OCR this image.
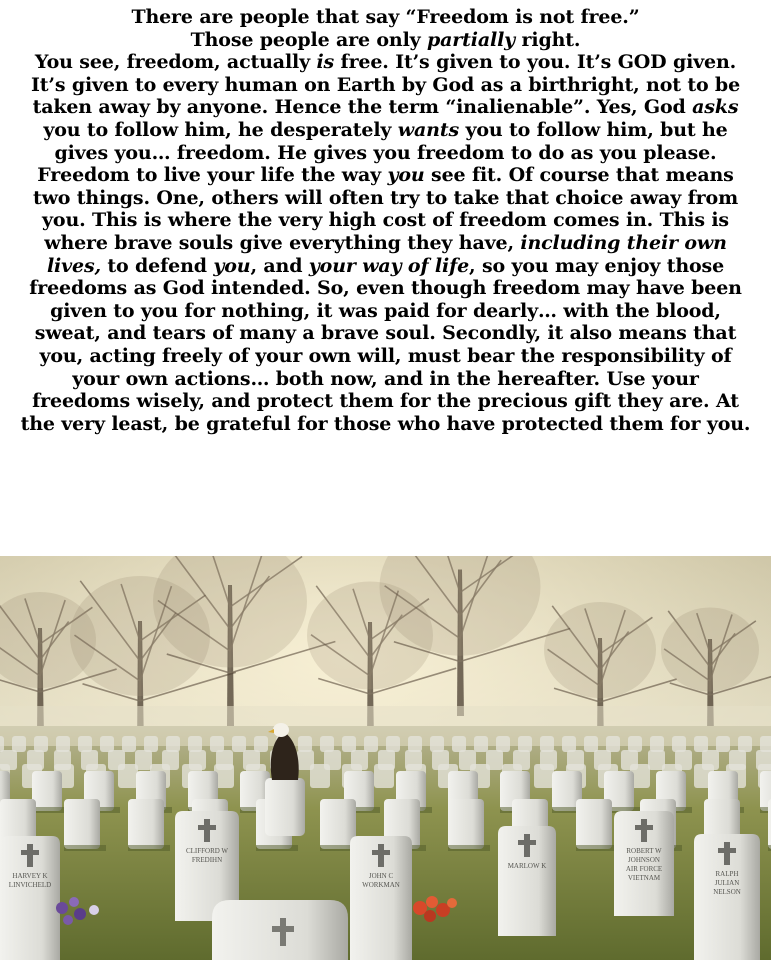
There are people that say “Freedom is not free.”
Those people are only partially right.
You see, freedom, actually is free. It’s given to you. It’s GOD given.
It’s given to every human on Earth by God as a birthright, not to be
taken away by anyone. Hence the term “inalienable”. Yes, God asks
you to follow him, he desperately wants you to follow him, but he
gives you… freedom. He gives you freedom to do as you please.
Freedom to live your life the way you see fit. Of course that means
two things. One, others will often try to take that choice away from
you. This is where the very high cost of freedom comes in. This is
where brave souls give everything they have, including their own
lives, to defend you, and your way of life, so you may enjoy those
freedoms as God intended. So, even though freedom may have been
given to you for nothing, it was paid for dearly… with the blood,
sweat, and tears of many a brave soul. Secondly, it also means that
you, acting freely of your own will, must bear the responsibility of
your own actions… both now, and in the hereafter. Use your
freedoms wisely, and protect them for the precious gift they are. At
the very least, be grateful for those who have protected them for you.
HARVEY K
LINVICHELD
CLIFFORD W
FREDIHN
JOHN C
WORKMAN
MARLOW K
ROBERT W
JOHNSON
AIR FORCE
VIETNAM	RALPH
JULIAN
NELSON
